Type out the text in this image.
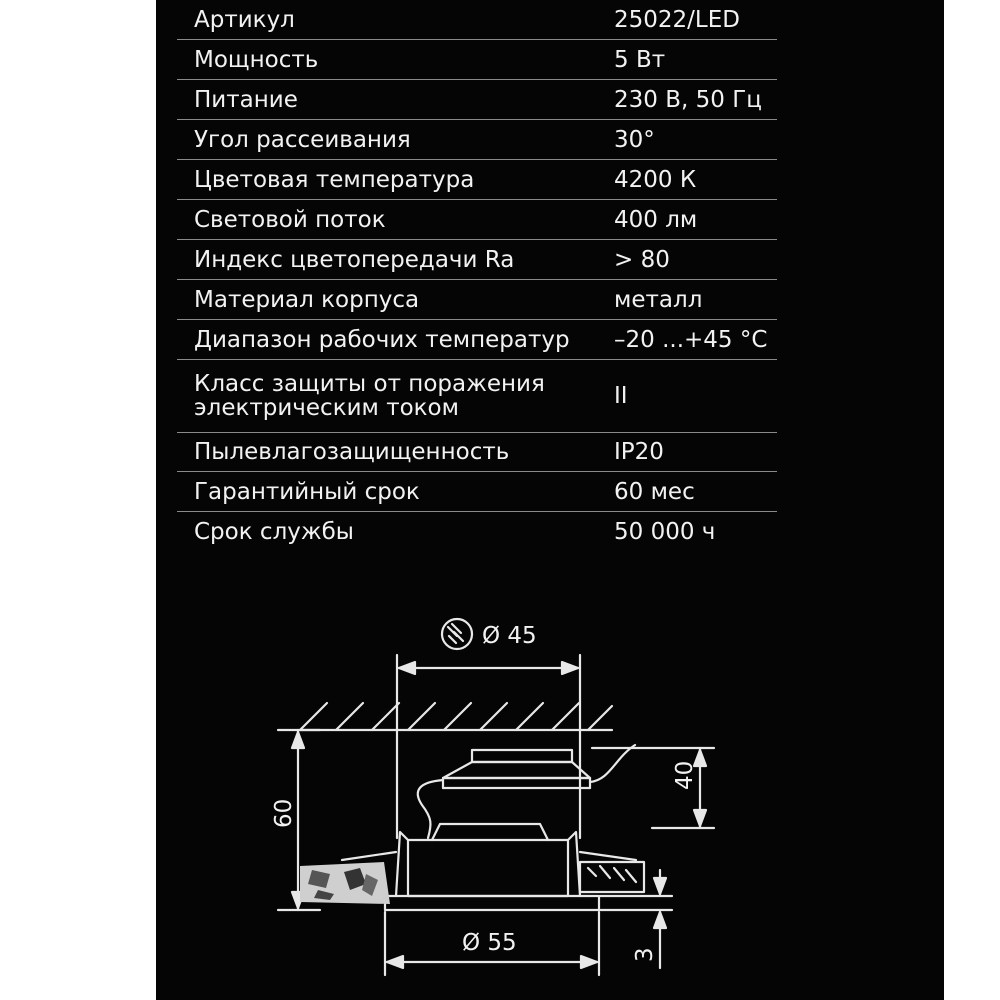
Артикул	25022/LED
Мощность	5 Вт
Питание	230 В, 50 Гц
Угол рассеивания	30°
Цветовая температура	4200 К
Световой поток	400 лм
Индекс цветопередачи Ra	> 80
Материал корпуса	металл
Диапазон рабочих температур	–20 ...+45 °С
Класс защиты от поражения
электрическим током	II
Пылевлагозащищенность	IP20
Гарантийный срок	60 мес
Срок службы	50 000 ч
Ø 45
Ø 55
60
40
3
